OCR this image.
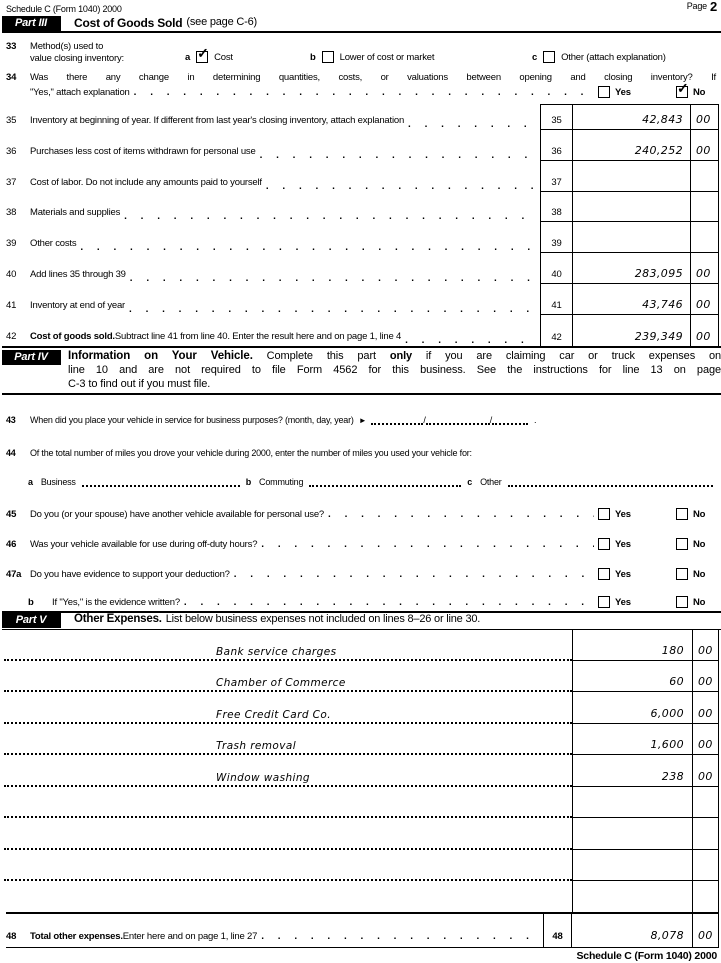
Schedule C (Form 1040) 2000	Page 2
Part III	Cost of Goods Sold (see page C-6)
33 Method(s) used to
value closing inventory:	a ✓	Cost	b	Lower of cost or market	c	Other (attach explanation)
34 Was there any change in determining quantities, costs, or valuations between opening and closing inventory? If
"Yes," attach explanation . . .	Yes ✓	No
35	Inventory at beginning of year. If different from last year's closing inventory, attach explanation . . .	35	42,843 00
36	Purchases less cost of items withdrawn for personal use . . .	36	240,252 00
37	Cost of labor. Do not include any amounts paid to yourself . . .	37
38	Materials and supplies . . .	38
39	Other costs . . .	39
40	Add lines 35 through 39 . . .	40	283,095 00
41	Inventory at end of year . . .	41	43,746 00
42	Cost of goods sold. Subtract line 41 from line 40. Enter the result here and on page 1, line 4 . . .	42	239,349 00
Part IV	Information on Your Vehicle. Complete this part only if you are claiming car or truck expenses on
line 10 and are not required to file Form 4562 for this business. See the instructions for line 13 on page
C-3 to find out if you must file.
43	When did you place your vehicle in service for business purposes? (month, day, year) ►	/	/	.
44	Of the total number of miles you drove your vehicle during 2000, enter the number of miles you used your vehicle for:
a Business	b Commuting	c Other
45	Do you (or your spouse) have another vehicle available for personal use? . . .	Yes	No
46	Was your vehicle available for use during off-duty hours? . . .	Yes	No
47a Do you have evidence to support your deduction? . . .	Yes	No
b	If "Yes," is the evidence written? . . .	Yes	No
Part V	Other Expenses. List below business expenses not included on lines 8–26 or line 30.
Bank service charges	180 00
Chamber of Commerce	60 00
Free Credit Card Co.	6,000 00
Trash removal	1,600 00
Window washing	238 00
48	Total other expenses. Enter here and on page 1, line 27 . . .	48	8,078 00
Schedule C (Form 1040) 2000
